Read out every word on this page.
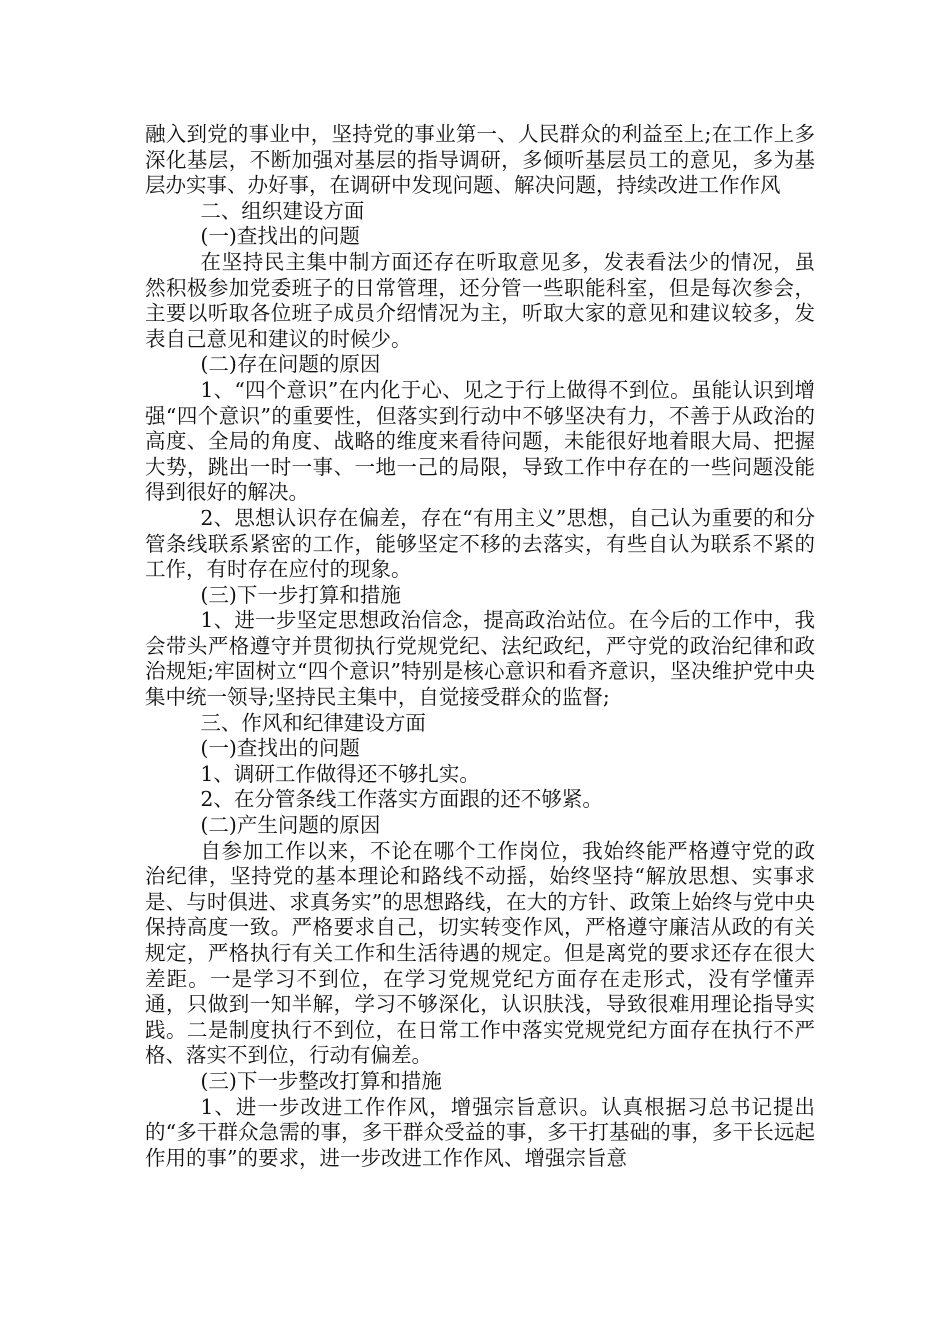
融入到党的事业中，坚持党的事业第一、人民群众的利益至上;在工作上多深化基层，不断加强对基层的指导调研，多倾听基层员工的意见，多为基层办实事、办好事，在调研中发现问题、解决问题，持续改进工作作风

二、组织建设方面

(一)查找出的问题

在坚持民主集中制方面还存在听取意见多，发表看法少的情况，虽然积极参加党委班子的日常管理，还分管一些职能科室，但是每次参会，主要以听取各位班子成员介绍情况为主，听取大家的意见和建议较多，发表自己意见和建议的时候少。

(二)存在问题的原因

1、“四个意识”在内化于心、见之于行上做得不到位。虽能认识到增强“四个意识”的重要性，但落实到行动中不够坚决有力，不善于从政治的高度、全局的角度、战略的维度来看待问题，未能很好地着眼大局、把握大势，跳出一时一事、一地一己的局限，导致工作中存在的一些问题没能得到很好的解决。

2、思想认识存在偏差，存在“有用主义”思想，自己认为重要的和分管条线联系紧密的工作，能够坚定不移的去落实，有些自认为联系不紧的工作，有时存在应付的现象。

(三)下一步打算和措施

1、进一步坚定思想政治信念，提高政治站位。在今后的工作中，我会带头严格遵守并贯彻执行党规党纪、法纪政纪，严守党的政治纪律和政治规矩;牢固树立“四个意识”特别是核心意识和看齐意识，坚决维护党中央集中统一领导;坚持民主集中，自觉接受群众的监督;

三、作风和纪律建设方面

(一)查找出的问题

1、调研工作做得还不够扎实。

2、在分管条线工作落实方面跟的还不够紧。

(二)产生问题的原因

自参加工作以来，不论在哪个工作岗位，我始终能严格遵守党的政治纪律，坚持党的基本理论和路线不动摇，始终坚持“解放思想、实事求是、与时俱进、求真务实”的思想路线，在大的方针、政策上始终与党中央保持高度一致。严格要求自己，切实转变作风，严格遵守廉洁从政的有关规定，严格执行有关工作和生活待遇的规定。但是离党的要求还存在很大差距。一是学习不到位，在学习党规党纪方面存在走形式，没有学懂弄通，只做到一知半解，学习不够深化，认识肤浅，导致很难用理论指导实践。二是制度执行不到位，在日常工作中落实党规党纪方面存在执行不严格、落实不到位，行动有偏差。

(三)下一步整改打算和措施

1、进一步改进工作作风，增强宗旨意识。认真根据习总书记提出的“多干群众急需的事，多干群众受益的事，多干打基础的事，多干长远起作用的事”的要求，进一步改进工作作风、增强宗旨意
